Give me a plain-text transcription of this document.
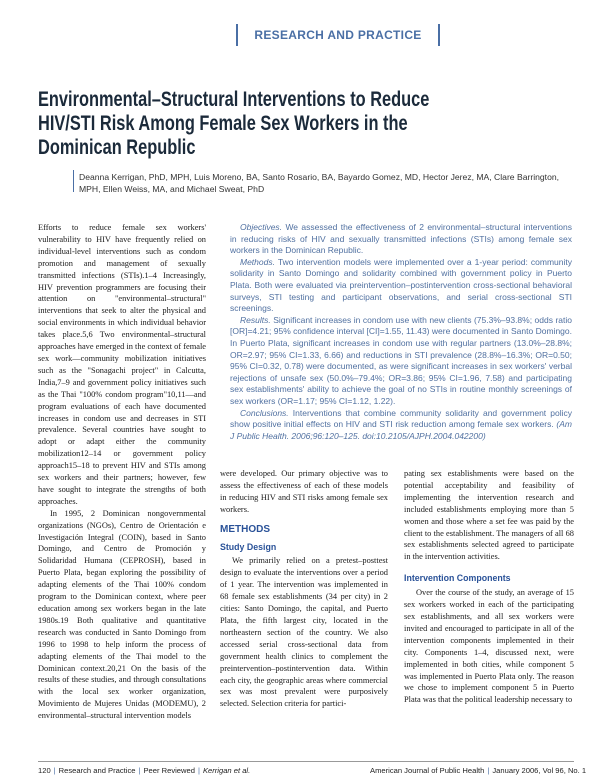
RESEARCH AND PRACTICE
Environmental–Structural Interventions to Reduce HIV/STI Risk Among Female Sex Workers in the Dominican Republic
Deanna Kerrigan, PhD, MPH, Luis Moreno, BA, Santo Rosario, BA, Bayardo Gomez, MD, Hector Jerez, MA, Clare Barrington, MPH, Ellen Weiss, MA, and Michael Sweat, PhD

Objectives. We assessed the effectiveness of 2 environmental–structural interventions in reducing risks of HIV and sexually transmitted infections (STIs) among female sex workers in the Dominican Republic.

Methods. Two intervention models were implemented over a 1-year period: community solidarity in Santo Domingo and solidarity combined with government policy in Puerto Plata. Both were evaluated via preintervention–postintervention cross-sectional behavioral surveys, STI testing and participant observations, and serial cross-sectional STI screenings.

Results. Significant increases in condom use with new clients (75.3%–93.8%; odds ratio [OR]=4.21; 95% confidence interval [CI]=1.55, 11.43) were documented in Santo Domingo. In Puerto Plata, significant increases in condom use with regular partners (13.0%–28.8%; OR=2.97; 95% CI=1.33, 6.66) and reductions in STI prevalence (28.8%–16.3%; OR=0.50; 95% CI=0.32, 0.78) were documented, as were significant increases in sex workers' verbal rejections of unsafe sex (50.0%–79.4%; OR=3.86; 95% CI=1.96, 7.58) and participating sex establishments' ability to achieve the goal of no STIs in routine monthly screenings of sex workers (OR=1.17; 95% CI=1.12, 1.22).

Conclusions. Interventions that combine community solidarity and government policy show positive initial effects on HIV and STI risk reduction among female sex workers. (Am J Public Health. 2006;96:120–125. doi:10.2105/AJPH.2004.042200)

Efforts to reduce female sex workers' vulnerability to HIV have frequently relied on individual-level interventions such as condom promotion and management of sexually transmitted infections (STIs).1–4 Increasingly, HIV prevention programmers are focusing their attention on "environmental–structural" interventions that seek to alter the physical and social environments in which individual behavior takes place.5,6 Two environmental–structural approaches have emerged in the context of female sex work—community mobilization initiatives such as the "Sonagachi project" in Calcutta, India,7–9 and government policy initiatives such as the Thai "100% condom program"10,11—and program evaluations of each have documented increases in condom use and decreases in STI prevalence. Several countries have sought to adopt or adapt either the community mobilization12–14 or government policy approach15–18 to prevent HIV and STIs among sex workers and their partners; however, few have sought to integrate the strengths of both approaches.

In 1995, 2 Dominican nongovernmental organizations (NGOs), Centro de Orientación e Investigación Integral (COIN), based in Santo Domingo, and Centro de Promoción y Solidaridad Humana (CEPROSH), based in Puerto Plata, began exploring the possibility of adapting elements of the Thai 100% condom program to the Dominican context, where peer education among sex workers began in the late 1980s.19 Both qualitative and quantitative research was conducted in Santo Domingo from 1996 to 1998 to help inform the process of adapting elements of the Thai model to the Dominican context.20,21 On the basis of the results of these studies, and through consultations with the local sex worker organization, Movimiento de Mujeres Unidas (MODEMU), 2 environmental–structural intervention models

were developed. Our primary objective was to assess the effectiveness of each of these models in reducing HIV and STI risks among female sex workers.

METHODS
Study Design

We primarily relied on a pretest–posttest design to evaluate the interventions over a period of 1 year. The intervention was implemented in 68 female sex establishments (34 per city) in 2 cities: Santo Domingo, the capital, and Puerto Plata, the fifth largest city, located in the northeastern section of the country. We also accessed serial cross-sectional data from government health clinics to complement the preintervention–postintervention data. Within each city, the geographic areas where commercial sex was most prevalent were purposively selected. Selection criteria for partici-

pating sex establishments were based on the potential acceptability and feasibility of implementing the intervention research and included establishments employing more than 5 women and those where a set fee was paid by the client to the establishment. The managers of all 68 sex establishments selected agreed to participate in the intervention activities.

Intervention Components

Over the course of the study, an average of 15 sex workers worked in each of the participating sex establishments, and all sex workers were invited and encouraged to participate in all of the intervention components implemented in their city. Components 1–4, discussed next, were implemented in both cities, while component 5 was implemented in Puerto Plata only. The reason we chose to implement component 5 in Puerto Plata was that the political leadership necessary to

120 | Research and Practice | Peer Reviewed | Kerrigan et al.	American Journal of Public Health | January 2006, Vol 96, No. 1
